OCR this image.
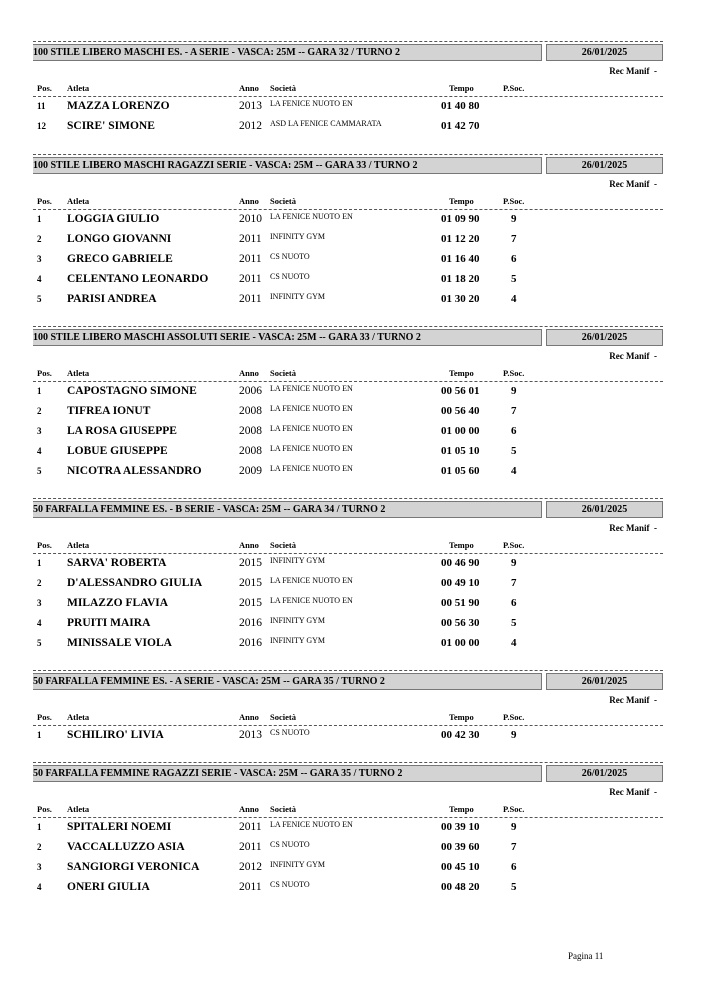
100 STILE LIBERO MASCHI ES. - A SERIE - VASCA: 25M -- GARA 32 / TURNO 2	26/01/2025
Rec Manif -
Pos. Atleta	Anno Società	Tempo	P.Soc.
11 MAZZA LORENZO	2013 LA FENICE NUOTO EN	01 40 80
12 SCIRE' SIMONE	2012 ASD LA FENICE CAMMARATA	01 42 70
100 STILE LIBERO MASCHI RAGAZZI SERIE - VASCA: 25M -- GARA 33 / TURNO 2	26/01/2025
Rec Manif -
Pos. Atleta	Anno Società	Tempo	P.Soc.
1 LOGGIA GIULIO	2010 LA FENICE NUOTO EN	01 09 90	9
2 LONGO GIOVANNI	2011 INFINITY GYM	01 12 20	7
3 GRECO GABRIELE	2011 CS NUOTO	01 16 40	6
4 CELENTANO LEONARDO	2011 CS NUOTO	01 18 20	5
5 PARISI ANDREA	2011 INFINITY GYM	01 30 20	4
100 STILE LIBERO MASCHI ASSOLUTI SERIE - VASCA: 25M -- GARA 33 / TURNO 2	26/01/2025
Rec Manif -
Pos. Atleta	Anno Società	Tempo	P.Soc.
1 CAPOSTAGNO SIMONE	2006 LA FENICE NUOTO EN	00 56 01	9
2 TIFREA IONUT	2008 LA FENICE NUOTO EN	00 56 40	7
3 LA ROSA GIUSEPPE	2008 LA FENICE NUOTO EN	01 00 00	6
4 LOBUE GIUSEPPE	2008 LA FENICE NUOTO EN	01 05 10	5
5 NICOTRA ALESSANDRO	2009 LA FENICE NUOTO EN	01 05 60	4
50 FARFALLA FEMMINE ES. - B SERIE - VASCA: 25M -- GARA 34 / TURNO 2	26/01/2025
Rec Manif -
Pos. Atleta	Anno Società	Tempo	P.Soc.
1 SARVA' ROBERTA	2015 INFINITY GYM	00 46 90	9
2 D'ALESSANDRO GIULIA	2015 LA FENICE NUOTO EN	00 49 10	7
3 MILAZZO FLAVIA	2015 LA FENICE NUOTO EN	00 51 90	6
4 PRUITI MAIRA	2016 INFINITY GYM	00 56 30	5
5 MINISSALE VIOLA	2016 INFINITY GYM	01 00 00	4
50 FARFALLA FEMMINE ES. - A SERIE - VASCA: 25M -- GARA 35 / TURNO 2	26/01/2025
Rec Manif -
Pos. Atleta	Anno Società	Tempo	P.Soc.
1 SCHILIRO' LIVIA	2013 CS NUOTO	00 42 30	9
50 FARFALLA FEMMINE RAGAZZI SERIE - VASCA: 25M -- GARA 35 / TURNO 2	26/01/2025
Rec Manif -
Pos. Atleta	Anno Società	Tempo	P.Soc.
1 SPITALERI NOEMI	2011 LA FENICE NUOTO EN	00 39 10	9
2 VACCALLUZZO ASIA	2011 CS NUOTO	00 39 60	7
3 SANGIORGI VERONICA	2012 INFINITY GYM	00 45 10	6
4 ONERI GIULIA	2011 CS NUOTO	00 48 20	5
Pagina 11
